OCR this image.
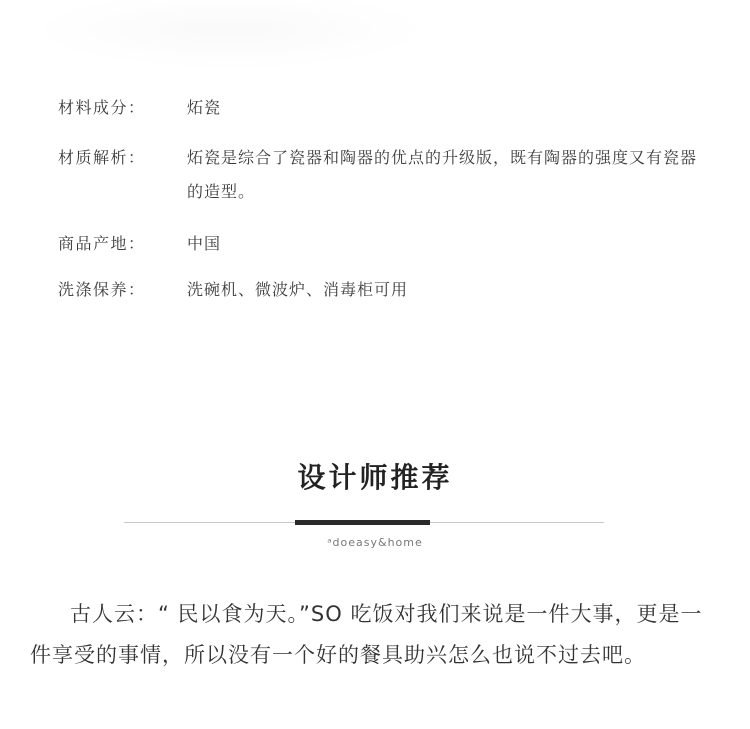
材料成分：	炻瓷
材质解析：	炻瓷是综合了瓷器和陶器的优点的升级版，既有陶器的强度又有瓷器的造型。
商品产地：	中国
洗涤保养：	洗碗机、微波炉、消毒柜可用
设计师推荐
ᵃdoeasy&home
古人云：“ 民以食为天。”SO 吃饭对我们来说是一件大事，更是一件享受的事情，所以没有一个好的餐具助兴怎么也说不过去吧。
